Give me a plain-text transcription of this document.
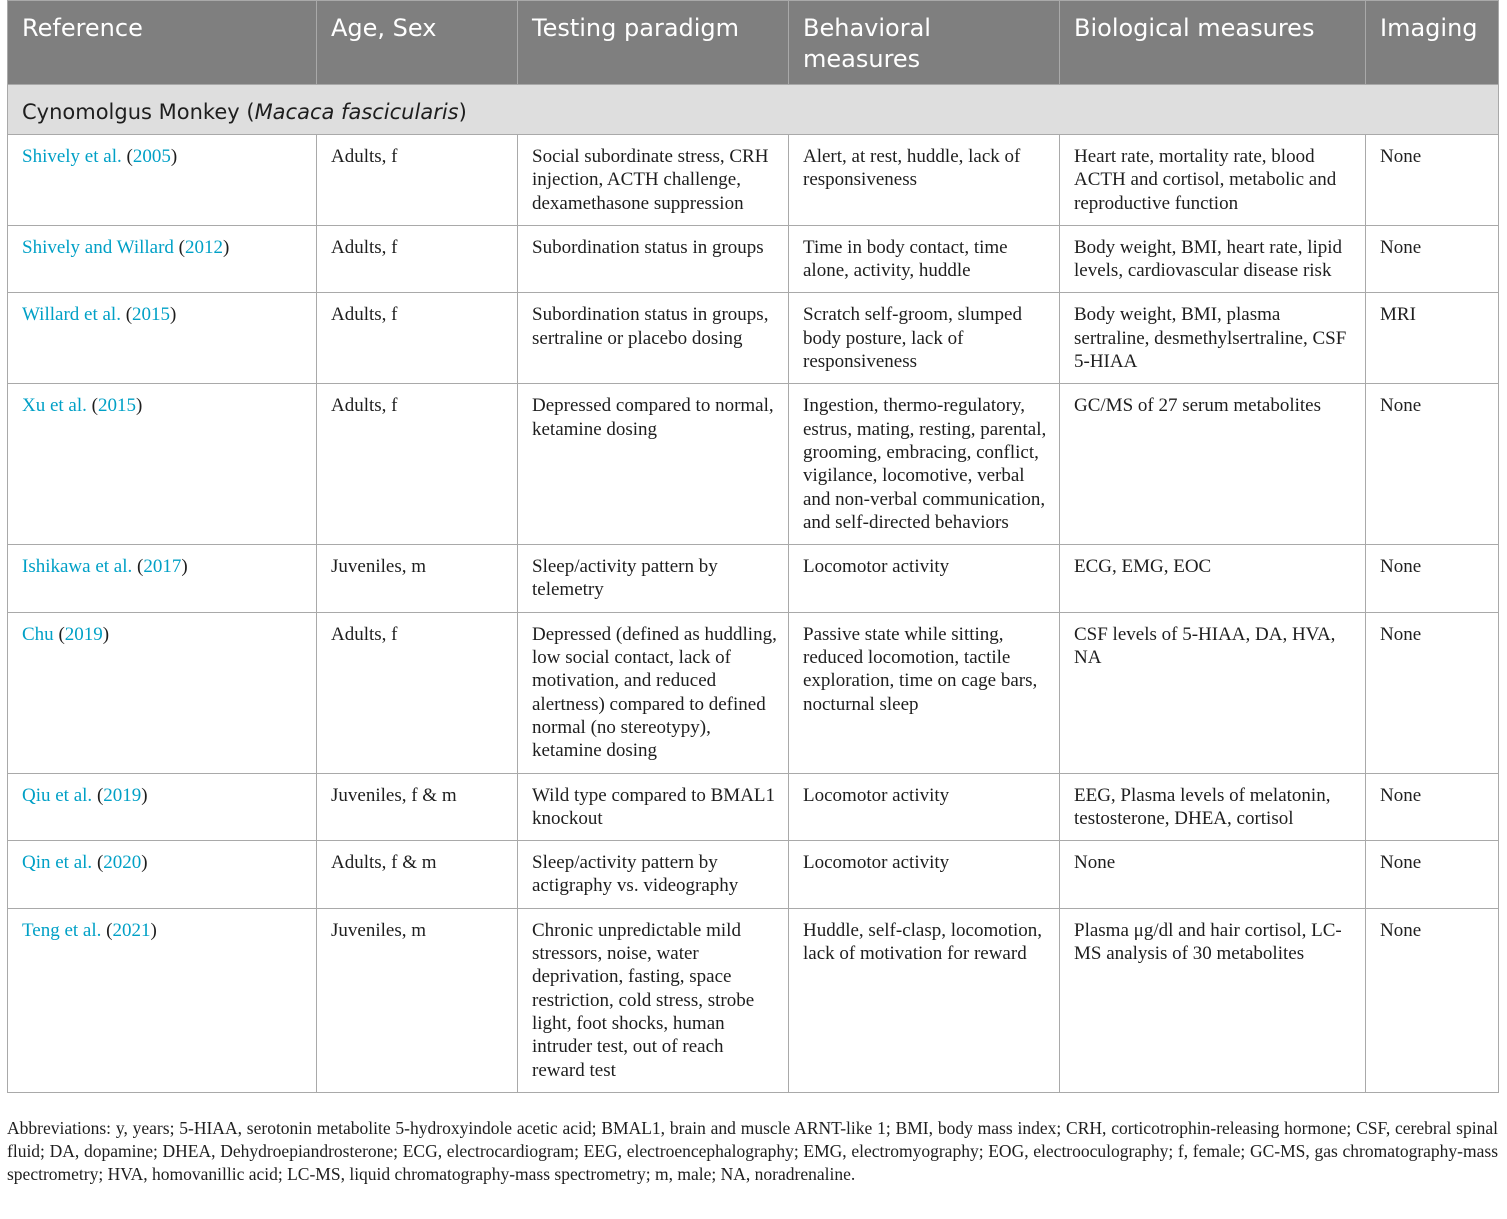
Reference	Age, Sex	Testing paradigm	Behavioral measures	Biological measures	Imaging
Cynomolgus Monkey (Macaca fascicularis)					
Shively et al. (2005)	Adults, f	Social subordinate stress, CRH injection, ACTH challenge, dexamethasone suppression	Alert, at rest, huddle, lack of responsiveness	Heart rate, mortality rate, blood ACTH and cortisol, metabolic and reproductive function	None
Shively and Willard (2012)	Adults, f	Subordination status in groups	Time in body contact, time alone, activity, huddle	Body weight, BMI, heart rate, lipid levels, cardiovascular disease risk	None
Willard et al. (2015)	Adults, f	Subordination status in groups, sertraline or placebo dosing	Scratch self-groom, slumped body posture, lack of responsiveness	Body weight, BMI, plasma sertraline, desmethylsertraline, CSF 5-HIAA	MRI
Xu et al. (2015)	Adults, f	Depressed compared to normal, ketamine dosing	Ingestion, thermo-regulatory, estrus, mating, resting, parental, grooming, embracing, conflict, vigilance, locomotive, verbal and non-verbal communication, and self-directed behaviors	GC/MS of 27 serum metabolites	None
Ishikawa et al. (2017)	Juveniles, m	Sleep/activity pattern by telemetry	Locomotor activity	ECG, EMG, EOC	None
Chu (2019)	Adults, f	Depressed (defined as huddling, low social contact, lack of motivation, and reduced alertness) compared to defined normal (no stereotypy), ketamine dosing	Passive state while sitting, reduced locomotion, tactile exploration, time on cage bars, nocturnal sleep	CSF levels of 5-HIAA, DA, HVA, NA	None
Qiu et al. (2019)	Juveniles, f & m	Wild type compared to BMAL1 knockout	Locomotor activity	EEG, Plasma levels of melatonin, testosterone, DHEA, cortisol	None
Qin et al. (2020)	Adults, f & m	Sleep/activity pattern by actigraphy vs. videography	Locomotor activity	None	None
Teng et al. (2021)	Juveniles, m	Chronic unpredictable mild stressors, noise, water deprivation, fasting, space restriction, cold stress, strobe light, foot shocks, human intruder test, out of reach reward test	Huddle, self-clasp, locomotion, lack of motivation for reward	Plasma μg/dl and hair cortisol, LC-MS analysis of 30 metabolites	None
Abbreviations: y, years; 5-HIAA, serotonin metabolite 5-hydroxyindole acetic acid; BMAL1, brain and muscle ARNT-like 1; BMI, body mass index; CRH, corticotrophin-releasing hormone; CSF, cerebral spinal fluid; DA, dopamine; DHEA, Dehydroepiandrosterone; ECG, electrocardiogram; EEG, electroencephalography; EMG, electromyography; EOG, electrooculography; f, female; GC-MS, gas chromatography-mass spectrometry; HVA, homovanillic acid; LC-MS, liquid chromatography-mass spectrometry; m, male; NA, noradrenaline.
